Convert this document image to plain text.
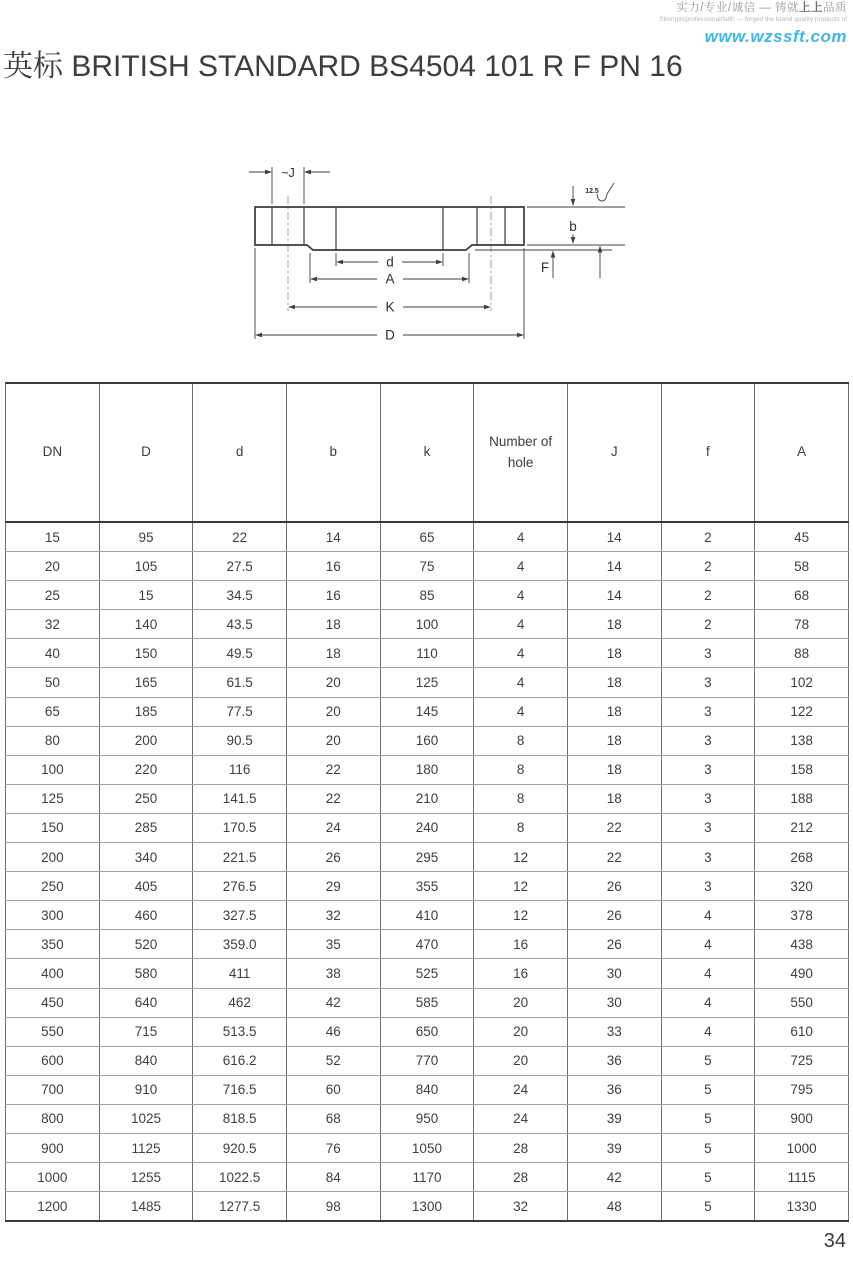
实力/专业/诚信 — 铸就上上品质
Strength/professional/faith — forged the brand quality products of
www.wzssft.com
英标 BRITISH STANDARD BS4504 101 R F PN 16
12.5
~J
b
F
d
A
K
D
DN	D	d	b	k	Number of hole	J	f	A
15	95	22	14	65	4	14	2	45
20	105	27.5	16	75	4	14	2	58
25	15	34.5	16	85	4	14	2	68
32	140	43.5	18	100	4	18	2	78
40	150	49.5	18	110	4	18	3	88
50	165	61.5	20	125	4	18	3	102
65	185	77.5	20	145	4	18	3	122
80	200	90.5	20	160	8	18	3	138
100	220	116	22	180	8	18	3	158
125	250	141.5	22	210	8	18	3	188
150	285	170.5	24	240	8	22	3	212
200	340	221.5	26	295	12	22	3	268
250	405	276.5	29	355	12	26	3	320
300	460	327.5	32	410	12	26	4	378
350	520	359.0	35	470	16	26	4	438
400	580	411	38	525	16	30	4	490
450	640	462	42	585	20	30	4	550
550	715	513.5	46	650	20	33	4	610
600	840	616.2	52	770	20	36	5	725
700	910	716.5	60	840	24	36	5	795
800	1025	818.5	68	950	24	39	5	900
900	1125	920.5	76	1050	28	39	5	1000
1000	1255	1022.5	84	1170	28	42	5	1115
1200	1485	1277.5	98	1300	32	48	5	1330
34
